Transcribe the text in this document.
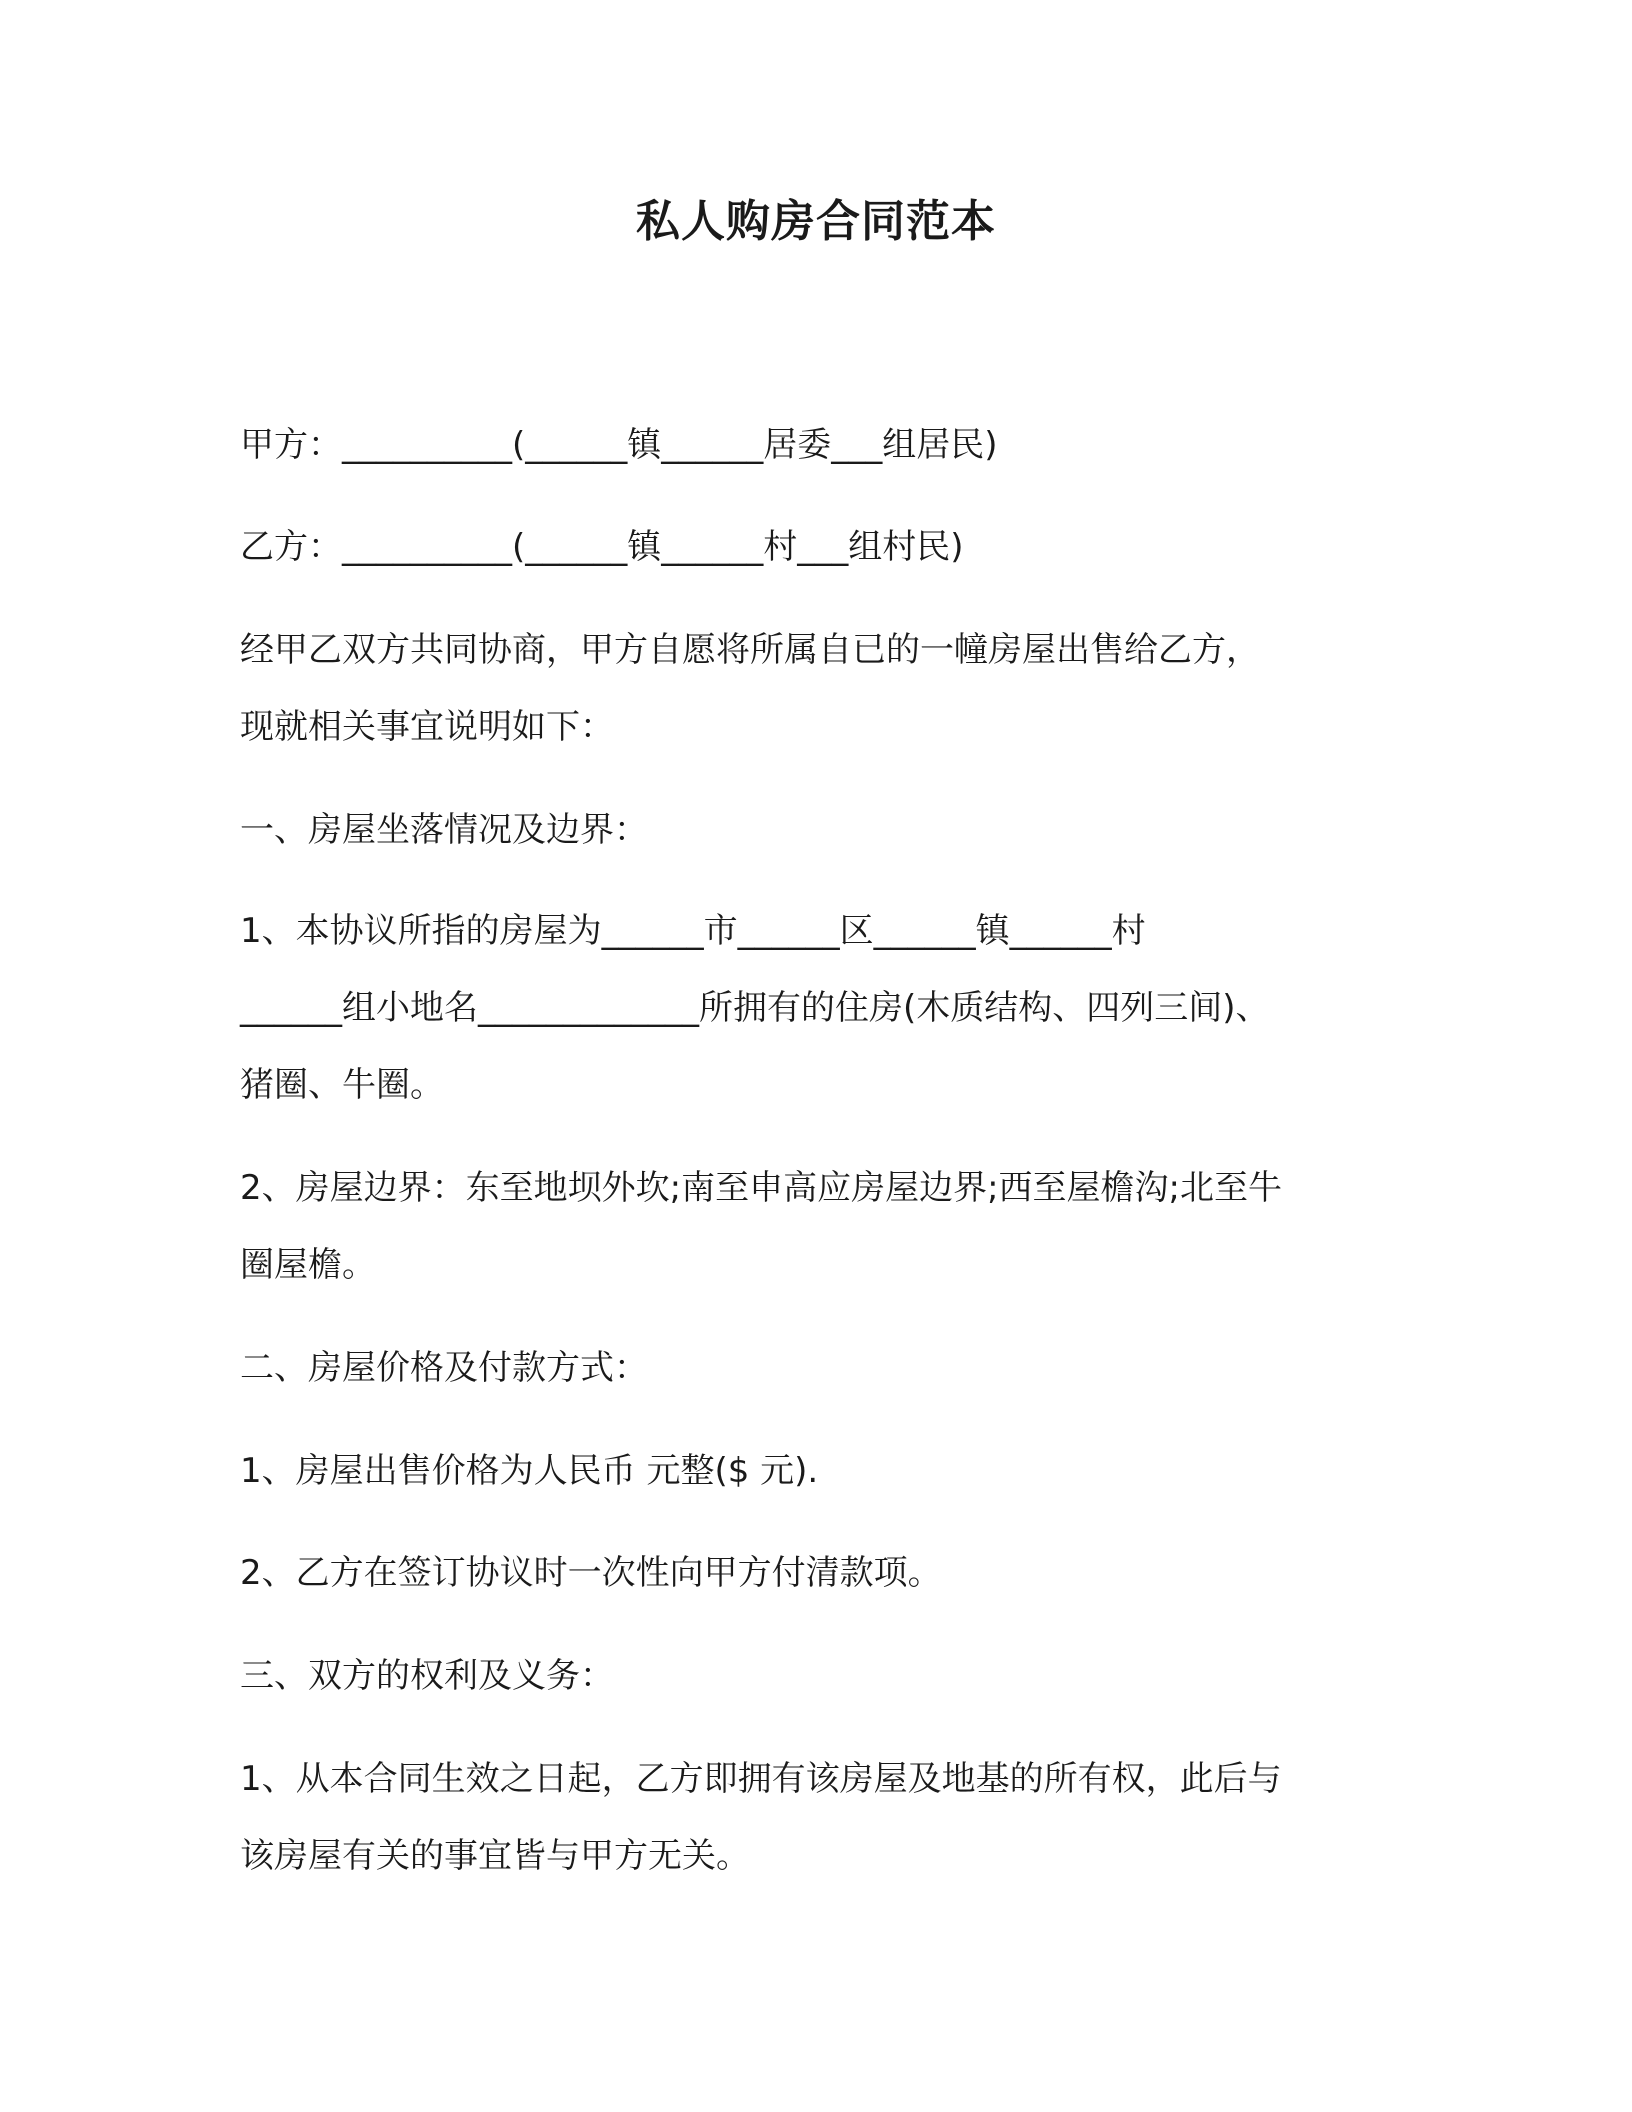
私人购房合同范本
甲方：__________(______镇______居委___组居民)
乙方：__________(______镇______村___组村民)
经甲乙双方共同协商，甲方自愿将所属自已的一幢房屋出售给乙方，
现就相关事宜说明如下：
一、房屋坐落情况及边界：
1、本协议所指的房屋为______市______区______镇______村
______组小地名_____________所拥有的住房(木质结构、四列三间)、
猪圈、牛圈。
2、房屋边界：东至地坝外坎;南至申高应房屋边界;西至屋檐沟;北至牛
圈屋檐。
二、房屋价格及付款方式：
1、房屋出售价格为人民币 元整($ 元).
2、乙方在签订协议时一次性向甲方付清款项。
三、双方的权利及义务：
1、从本合同生效之日起，乙方即拥有该房屋及地基的所有权，此后与
该房屋有关的事宜皆与甲方无关。
